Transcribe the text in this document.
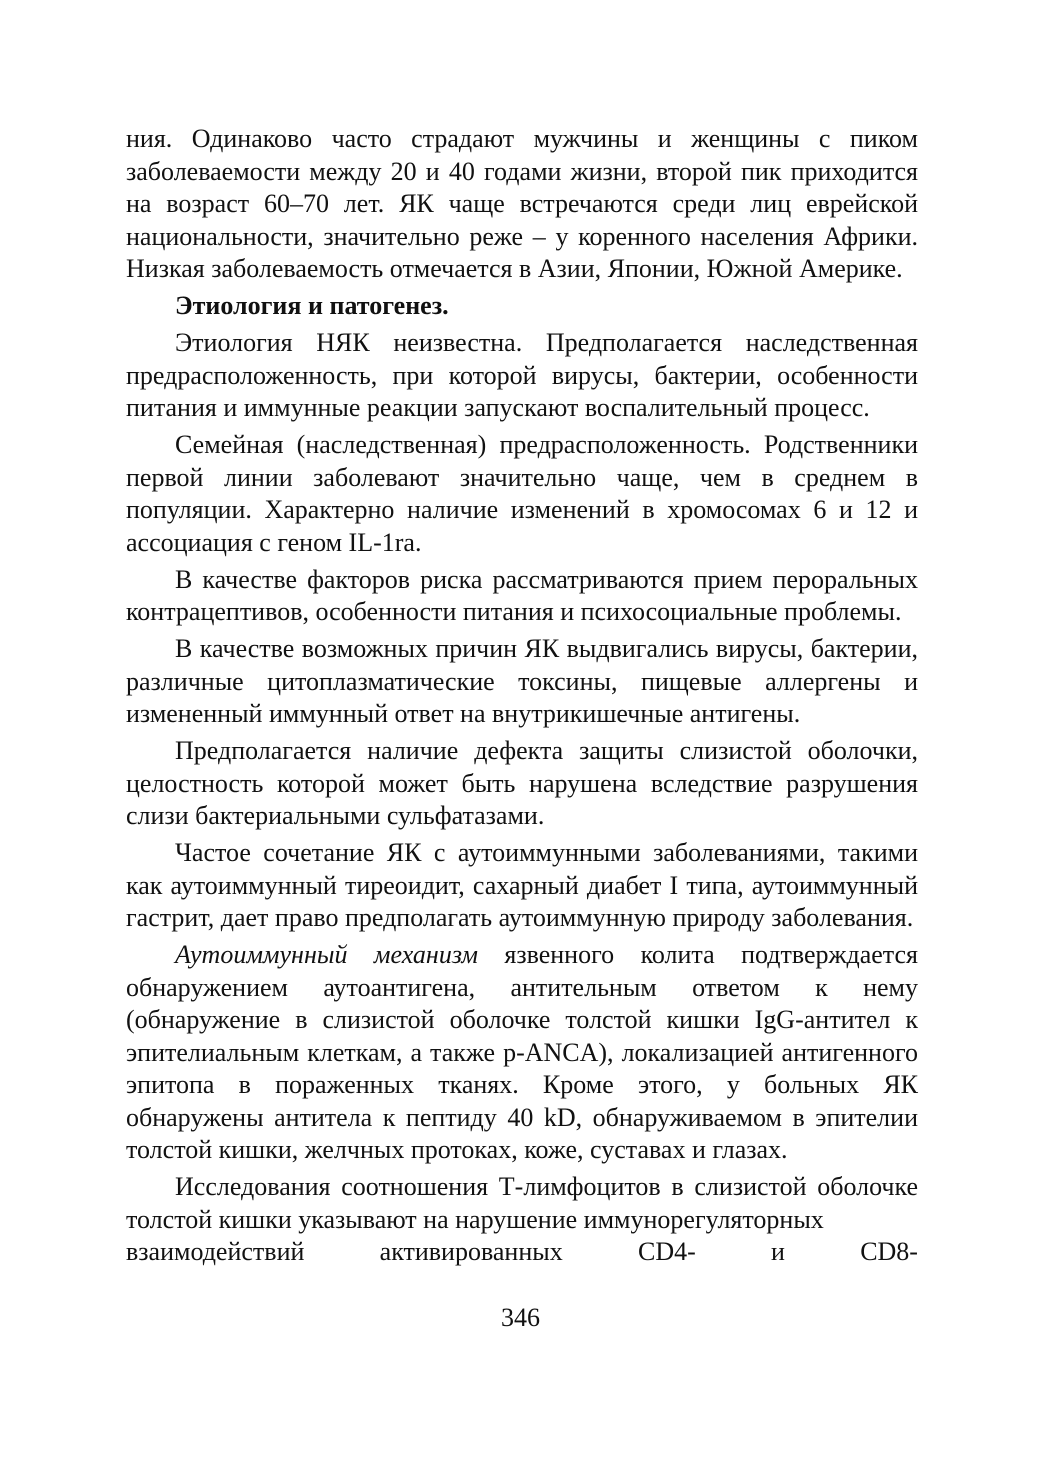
ния. Одинаково часто страдают мужчины и женщины с пиком заболеваемости между 20 и 40 годами жизни, второй пик приходится на возраст 60–70 лет. ЯК чаще встречаются среди лиц еврейской национальности, значительно реже – у коренного населения Африки. Низкая заболеваемость отмечается в Азии, Японии, Южной Америке.

Этиология и патогенез.

Этиология НЯК неизвестна. Предполагается наследственная предрасположенность, при которой вирусы, бактерии, особенности питания и иммунные реакции запускают воспалительный процесс.

Семейная (наследственная) предрасположенность. Родственники первой линии заболевают значительно чаще, чем в среднем в популяции. Характерно наличие изменений в хромосомах 6 и 12 и ассоциация с геном IL-1ra.

В качестве факторов риска рассматриваются прием пероральных контрацептивов, особенности питания и психосоциальные проблемы.

В качестве возможных причин ЯК выдвигались вирусы, бактерии, различные цитоплазматические токсины, пищевые аллергены и измененный иммунный ответ на внутрикишечные антигены.

Предполагается наличие дефекта защиты слизистой оболочки, целостность которой может быть нарушена вследствие разрушения слизи бактериальными сульфатазами.

Частое сочетание ЯК с аутоиммунными заболеваниями, такими как аутоиммунный тиреоидит, сахарный диабет I типа, аутоиммунный гастрит, дает право предполагать аутоиммунную природу заболевания.

Аутоиммунный механизм язвенного колита подтверждается обнаружением аутоантигена, антительным ответом к нему (обнаружение в слизистой оболочке толстой кишки IgG-антител к эпителиальным клеткам, а также p-ANCA), локализацией антигенного эпитопа в пораженных тканях. Кроме этого, у больных ЯК обнаружены антитела к пептиду 40 kD, обнаруживаемом в эпителии толстой кишки, желчных протоках, коже, суставах и глазах.

Исследования соотношения Т-лимфоцитов в слизистой оболочке толстой кишки указывают на нарушение иммунорегуляторных

взаимодействий	активированных	CD4-	и	CD8-
346
